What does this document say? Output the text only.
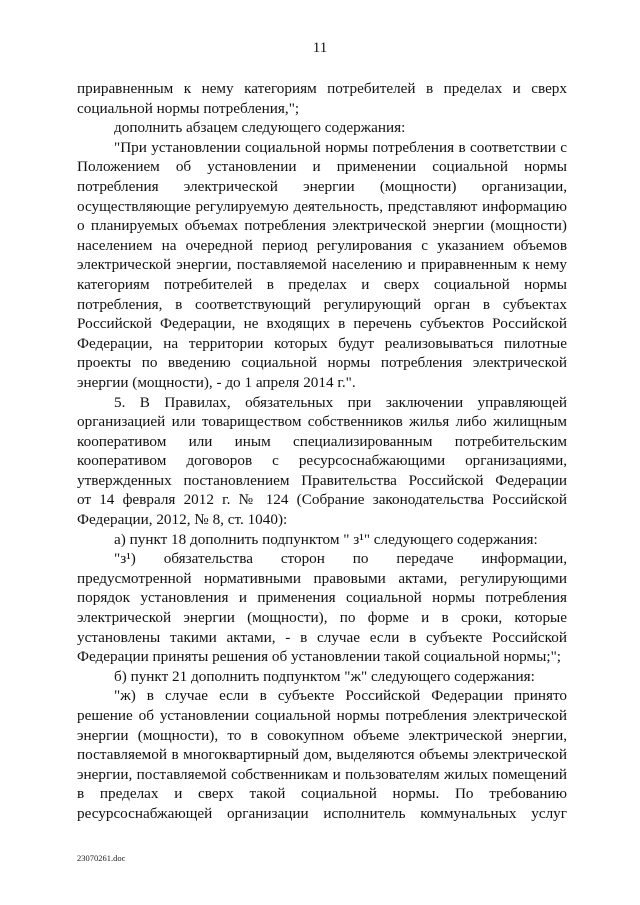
11
приравненным к нему категориям потребителей в пределах и сверх
социальной нормы потребления,";
дополнить абзацем следующего содержания:
"При установлении социальной нормы потребления в соответствии с
Положением об установлении и применении социальной нормы
потребления электрической энергии (мощности) организации,
осуществляющие регулируемую деятельность, представляют информацию
о планируемых объемах потребления электрической энергии (мощности)
населением на очередной период регулирования с указанием объемов
электрической энергии, поставляемой населению и приравненным к нему
категориям потребителей в пределах и сверх социальной нормы
потребления, в соответствующий регулирующий орган в субъектах
Российской Федерации, не входящих в перечень субъектов Российской
Федерации, на территории которых будут реализовываться пилотные
проекты по введению социальной нормы потребления электрической
энергии (мощности), - до 1 апреля 2014 г.".
5. В Правилах, обязательных при заключении управляющей
организацией или товариществом собственников жилья либо жилищным
кооперативом или иным специализированным потребительским
кооперативом договоров с ресурсоснабжающими организациями,
утвержденных постановлением Правительства Российской Федерации
от 14 февраля 2012 г. № 124 (Собрание законодательства Российской
Федерации, 2012, № 8, ст. 1040):
а) пункт 18 дополнить подпунктом " з¹" следующего содержания:
"з¹) обязательства сторон по передаче информации,
предусмотренной нормативными правовыми актами, регулирующими
порядок установления и применения социальной нормы потребления
электрической энергии (мощности), по форме и в сроки, которые
установлены такими актами, - в случае если в субъекте Российской
Федерации приняты решения об установлении такой социальной нормы;";
б) пункт 21 дополнить подпунктом "ж" следующего содержания:
"ж) в случае если в субъекте Российской Федерации принято
решение об установлении социальной нормы потребления электрической
энергии (мощности), то в совокупном объеме электрической энергии,
поставляемой в многоквартирный дом, выделяются объемы электрической
энергии, поставляемой собственникам и пользователям жилых помещений
в пределах и сверх такой социальной нормы. По требованию
ресурсоснабжающей организации исполнитель коммунальных услуг
23070261.doc
